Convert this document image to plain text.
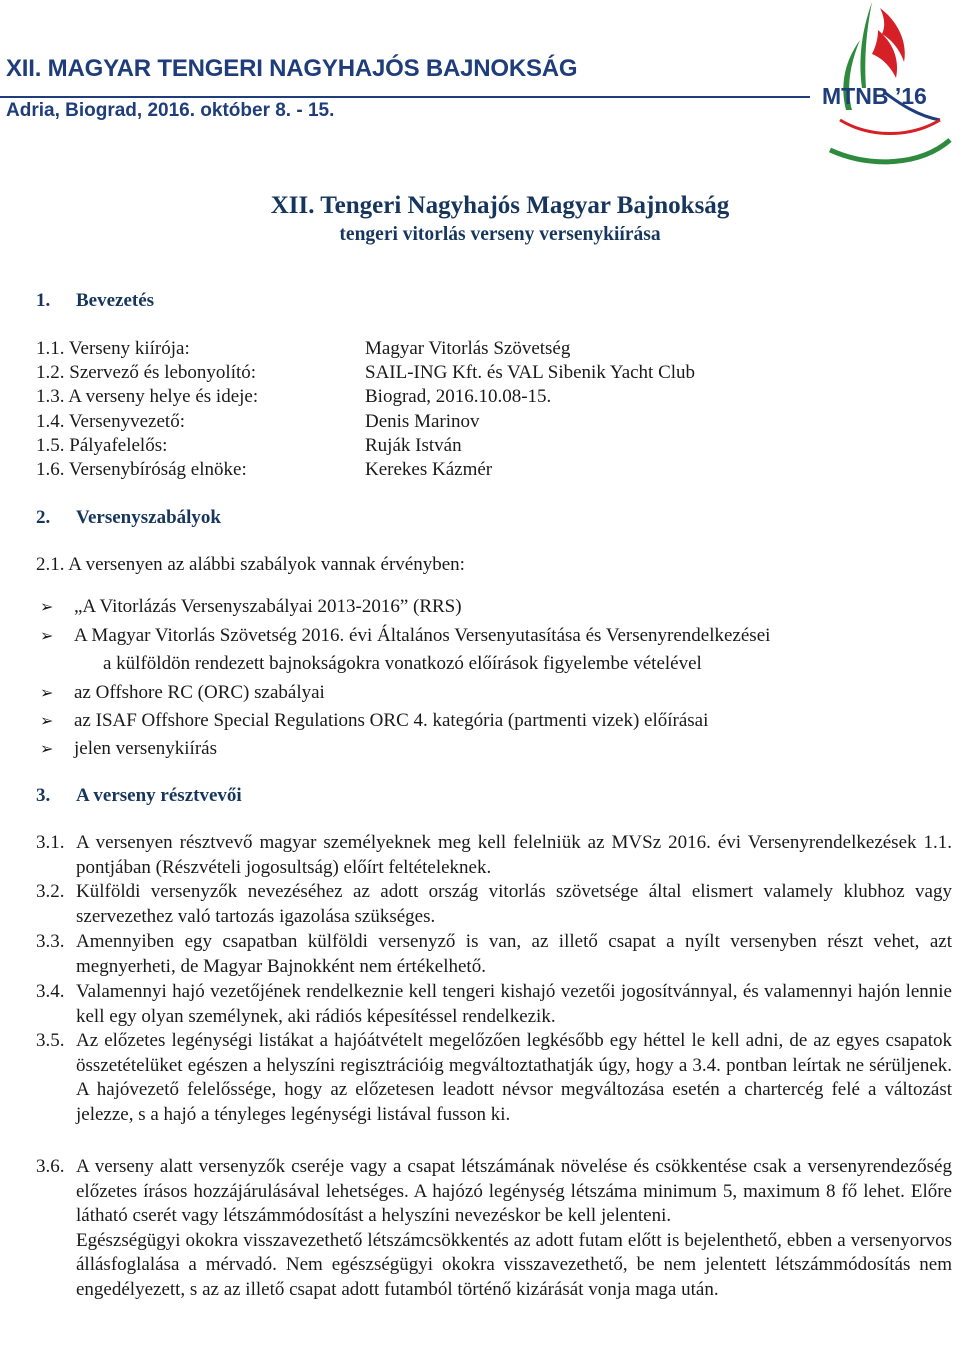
XII. MAGYAR TENGERI NAGYHAJÓS BAJNOKSÁG
Adria, Biograd, 2016. október 8. - 15.
MTNB ’16
XII. Tengeri Nagyhajós Magyar Bajnokság
tengeri vitorlás verseny versenykiírása
1. Bevezetés
1.1. Verseny kiírója:	Magyar Vitorlás Szövetség
1.2. Szervező és lebonyolító:	SAIL-ING Kft. és VAL Sibenik Yacht Club
1.3. A verseny helye és ideje:	Biograd, 2016.10.08-15.
1.4. Versenyvezető:	Denis Marinov
1.5. Pályafelelős:	Ruják István
1.6. Versenybíróság elnöke:	Kerekes Kázmér
2. Versenyszabályok
2.1. A versenyen az alábbi szabályok vannak érvényben:
➢ „A Vitorlázás Versenyszabályai 2013-2016” (RRS)
➢ A Magyar Vitorlás Szövetség 2016. évi Általános Versenyutasítása és Versenyrendelkezései
a külföldön rendezett bajnokságokra vonatkozó előírások figyelembe vételével
➢ az Offshore RC (ORC) szabályai
➢ az ISAF Offshore Special Regulations ORC 4. kategória (partmenti vizek) előírásai
➢ jelen versenykiírás
3. A verseny résztvevői
3.1. A versenyen résztvevő magyar személyeknek meg kell felelniük az MVSz 2016. évi Versenyrendelkezések 1.1. pontjában (Részvételi jogosultság) előírt feltételeknek.
3.2. Külföldi versenyzők nevezéséhez az adott ország vitorlás szövetsége által elismert valamely klubhoz vagy szervezethez való tartozás igazolása szükséges.
3.3. Amennyiben egy csapatban külföldi versenyző is van, az illető csapat a nyílt versenyben részt vehet, azt megnyerheti, de Magyar Bajnokként nem értékelhető.
3.4. Valamennyi hajó vezetőjének rendelkeznie kell tengeri kishajó vezetői jogosítvánnyal, és valamennyi hajón lennie kell egy olyan személynek, aki rádiós képesítéssel rendelkezik.
3.5. Az előzetes legénységi listákat a hajóátvételt megelőzően legkésőbb egy héttel le kell adni, de az egyes csapatok összetételüket egészen a helyszíni regisztrációig megváltoztathatják úgy, hogy a 3.4. pontban leírtak ne sérüljenek. A hajóvezető felelőssége, hogy az előzetesen leadott névsor megváltozása esetén a chartercég felé a változást jelezze, s a hajó a tényleges legénységi listával fusson ki.
3.6. A verseny alatt versenyzők cseréje vagy a csapat létszámának növelése és csökkentése csak a versenyrendezőség előzetes írásos hozzájárulásával lehetséges. A hajózó legénység létszáma minimum 5, maximum 8 fő lehet. Előre látható cserét vagy létszámmódosítást a helyszíni nevezéskor be kell jelenteni.
Egészségügyi okokra visszavezethető létszámcsökkentés az adott futam előtt is bejelenthető, ebben a versenyorvos állásfoglalása a mérvadó. Nem egészségügyi okokra visszavezethető, be nem jelentett létszámmódosítás nem engedélyezett, s az az illető csapat adott futamból történő kizárását vonja maga után.
